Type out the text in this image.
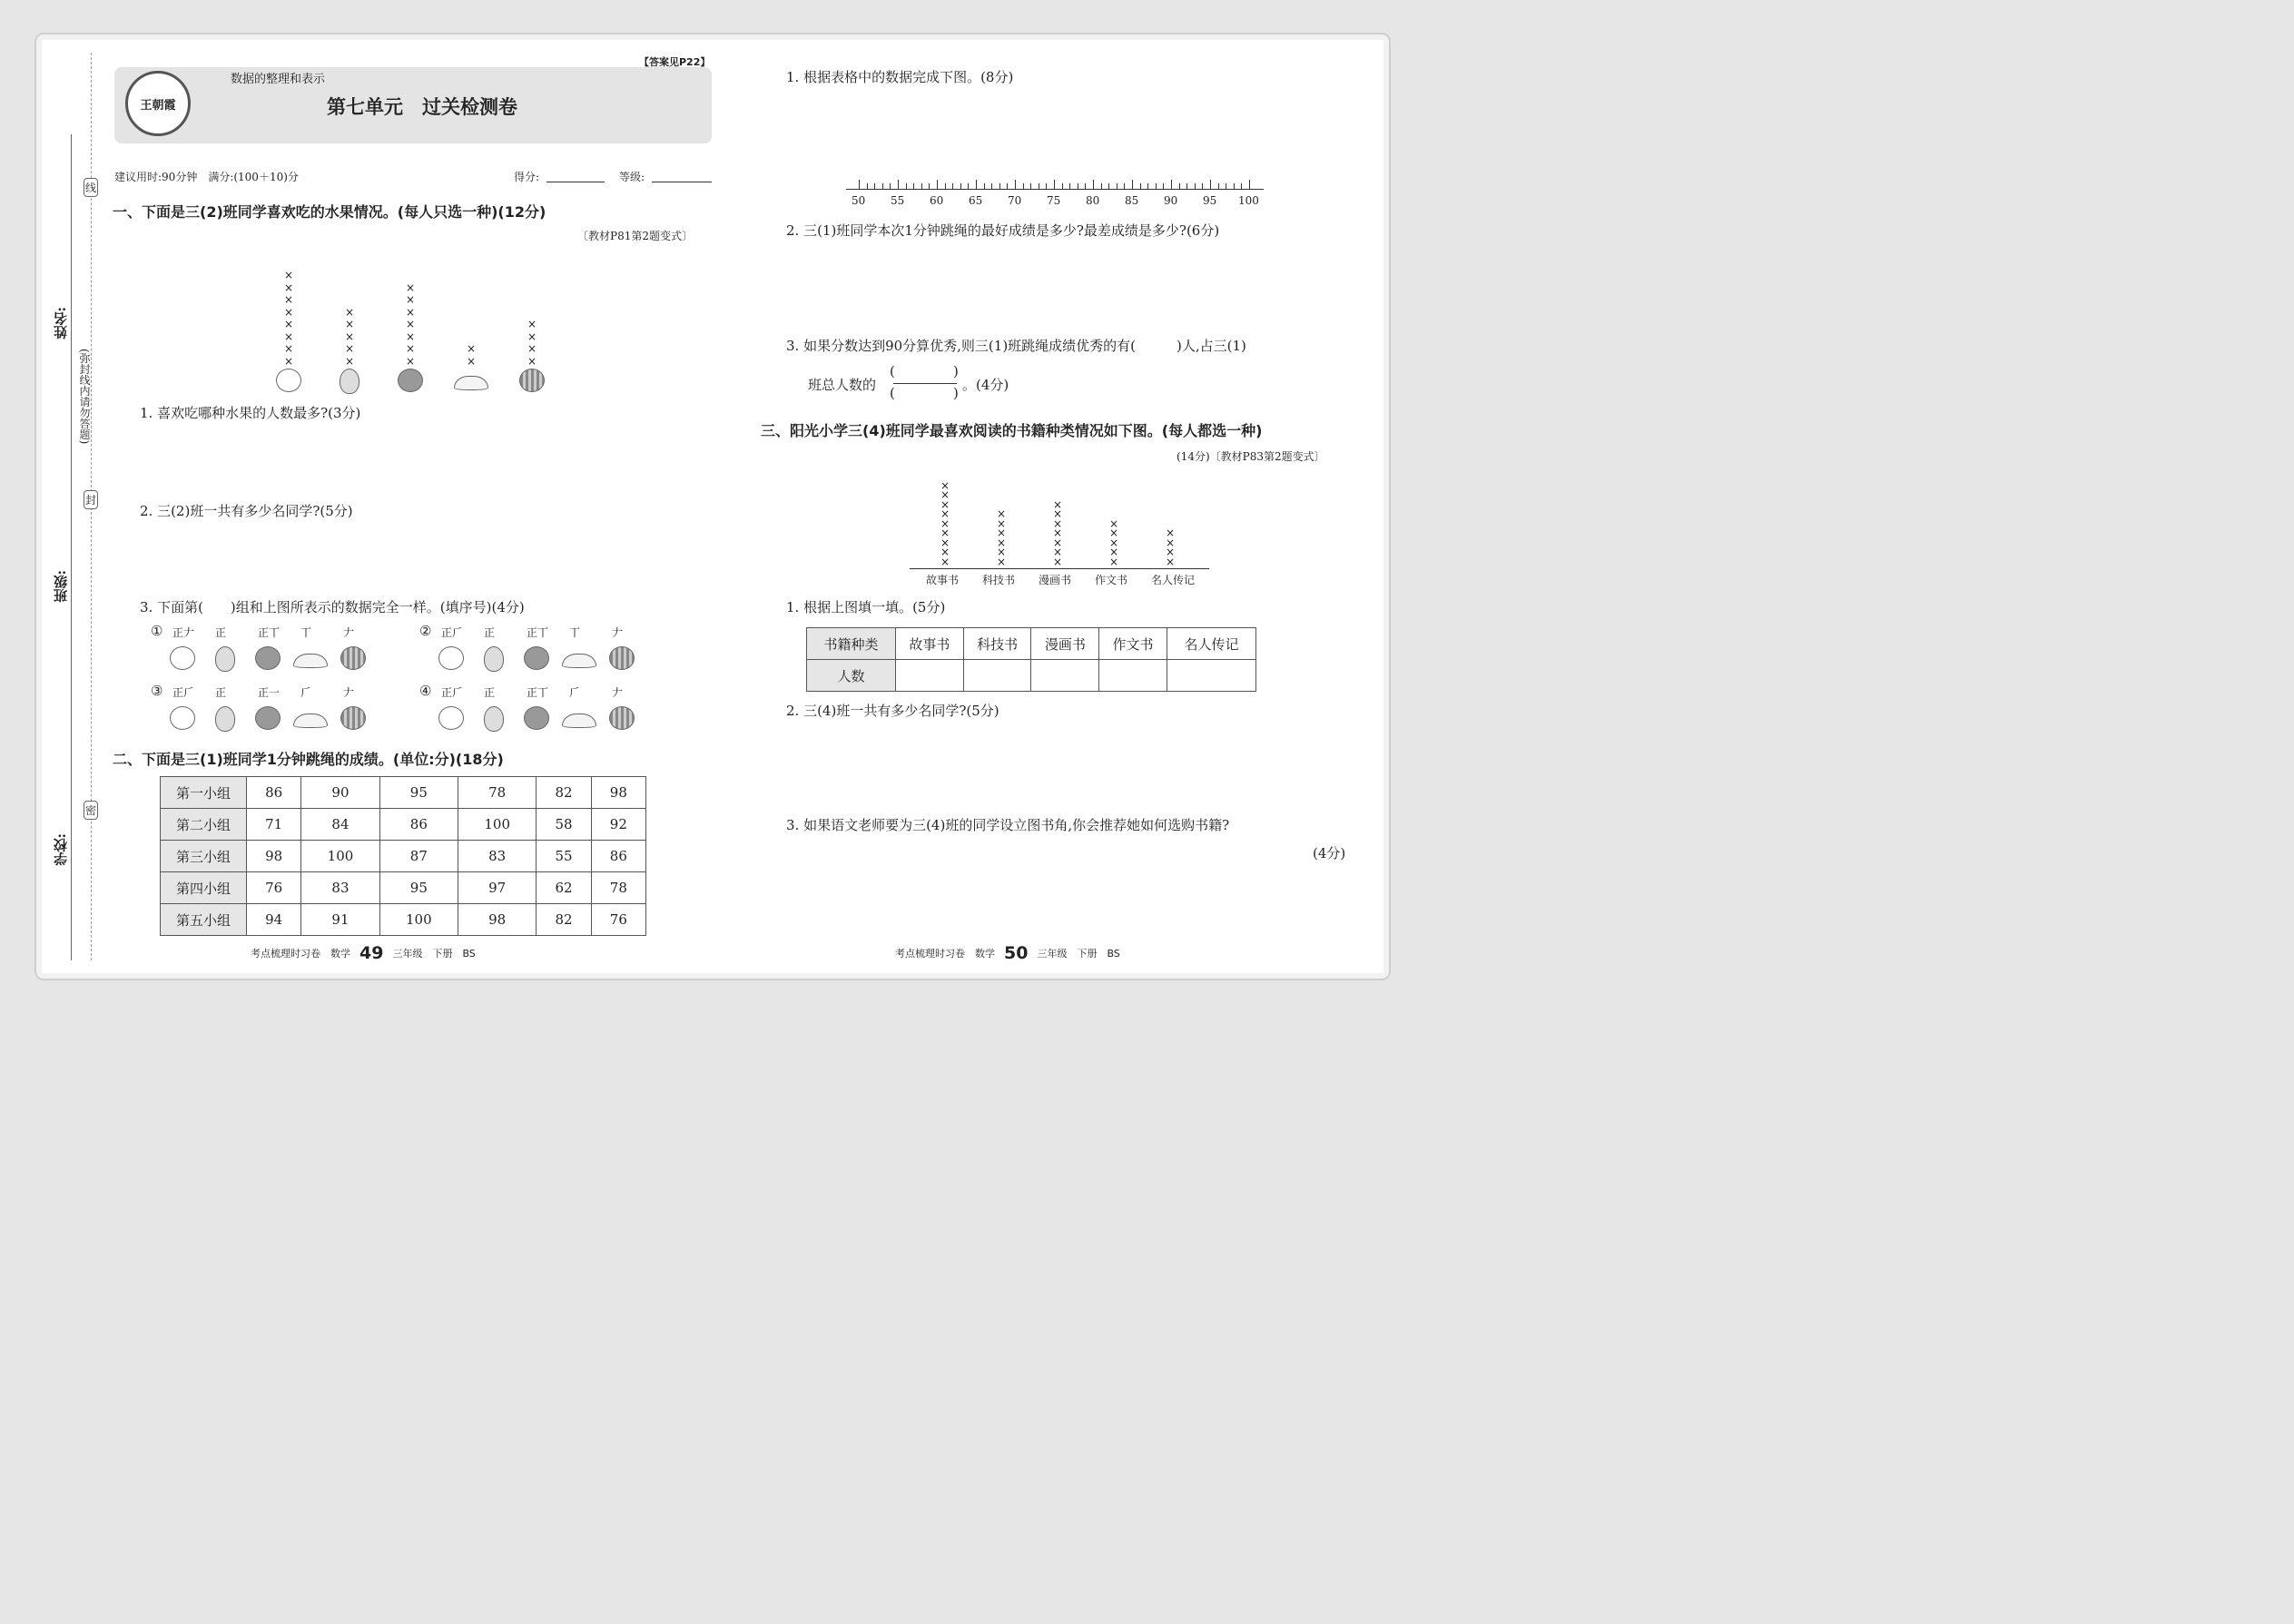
姓名:
班级:
学校:
线
封
密
(弥封线内请勿答题)
王朝霞
数据的整理和表示
【答案见P22】
第七单元　过关检测卷
建议用时:90分钟　满分:(100＋10)分	得分:	等级:
一、下面是三(2)班同学喜欢吃的水果情况。(每人只选一种)(12分)
〔教材P81第2题变式〕
×
×
×
×
×
×
×
×
×
×
×
×
×
×
×
×
×
×
×
×
×
×
×
×
×
×
1. 喜欢吃哪种水果的人数最多?(3分)
2. 三(2)班一共有多少名同学?(5分)
3. 下面第(　　)组和上图所表示的数据完全一样。(填序号)(4分)
① 正𠂇 正	正丅 丅	𠂇	② 正𠂆 正	正丅 丅	𠂇
③ 正𠂆 正	正一 𠂆	𠂇	④ 正𠂆 正	正丅 𠂆	𠂇
二、下面是三(1)班同学1分钟跳绳的成绩。(单位:分)(18分)
第一小组	86	90	95	78	82	98
第二小组	71	84	86	100	58	92
第三小组	98	100	87	83	55	86
第四小组	76	83	95	97	62	78
第五小组	94	91	100	98	82	76
考点梳理时习卷　数学 49 三年级　下册　BS
1. 根据表格中的数据完成下图。(8分)
50 55 60 65 70 75 80 85 90 95 100
2. 三(1)班同学本次1分钟跳绳的最好成绩是多少?最差成绩是多少?(6分)
3. 如果分数达到90分算优秀,则三(1)班跳绳成绩优秀的有(　　　)人,占三(1)
班总人数的
(	)
(	) 。(4分)
三、阳光小学三(4)班同学最喜欢阅读的书籍种类情况如下图。(每人都选一种)
(14分)〔教材P83第2题变式〕
×
×
×
×
×
×
×
×
×
故事书
×
×
×
×
×
×
科技书
×
×
×
×
×
×
×
漫画书
×
×
×
×
×
作文书
×
×
×
×
名人传记
1. 根据上图填一填。(5分)
书籍种类	故事书	科技书	漫画书	作文书	名人传记
人数					
2. 三(4)班一共有多少名同学?(5分)
3. 如果语文老师要为三(4)班的同学设立图书角,你会推荐她如何选购书籍?
(4分)
考点梳理时习卷　数学 50 三年级　下册　BS
